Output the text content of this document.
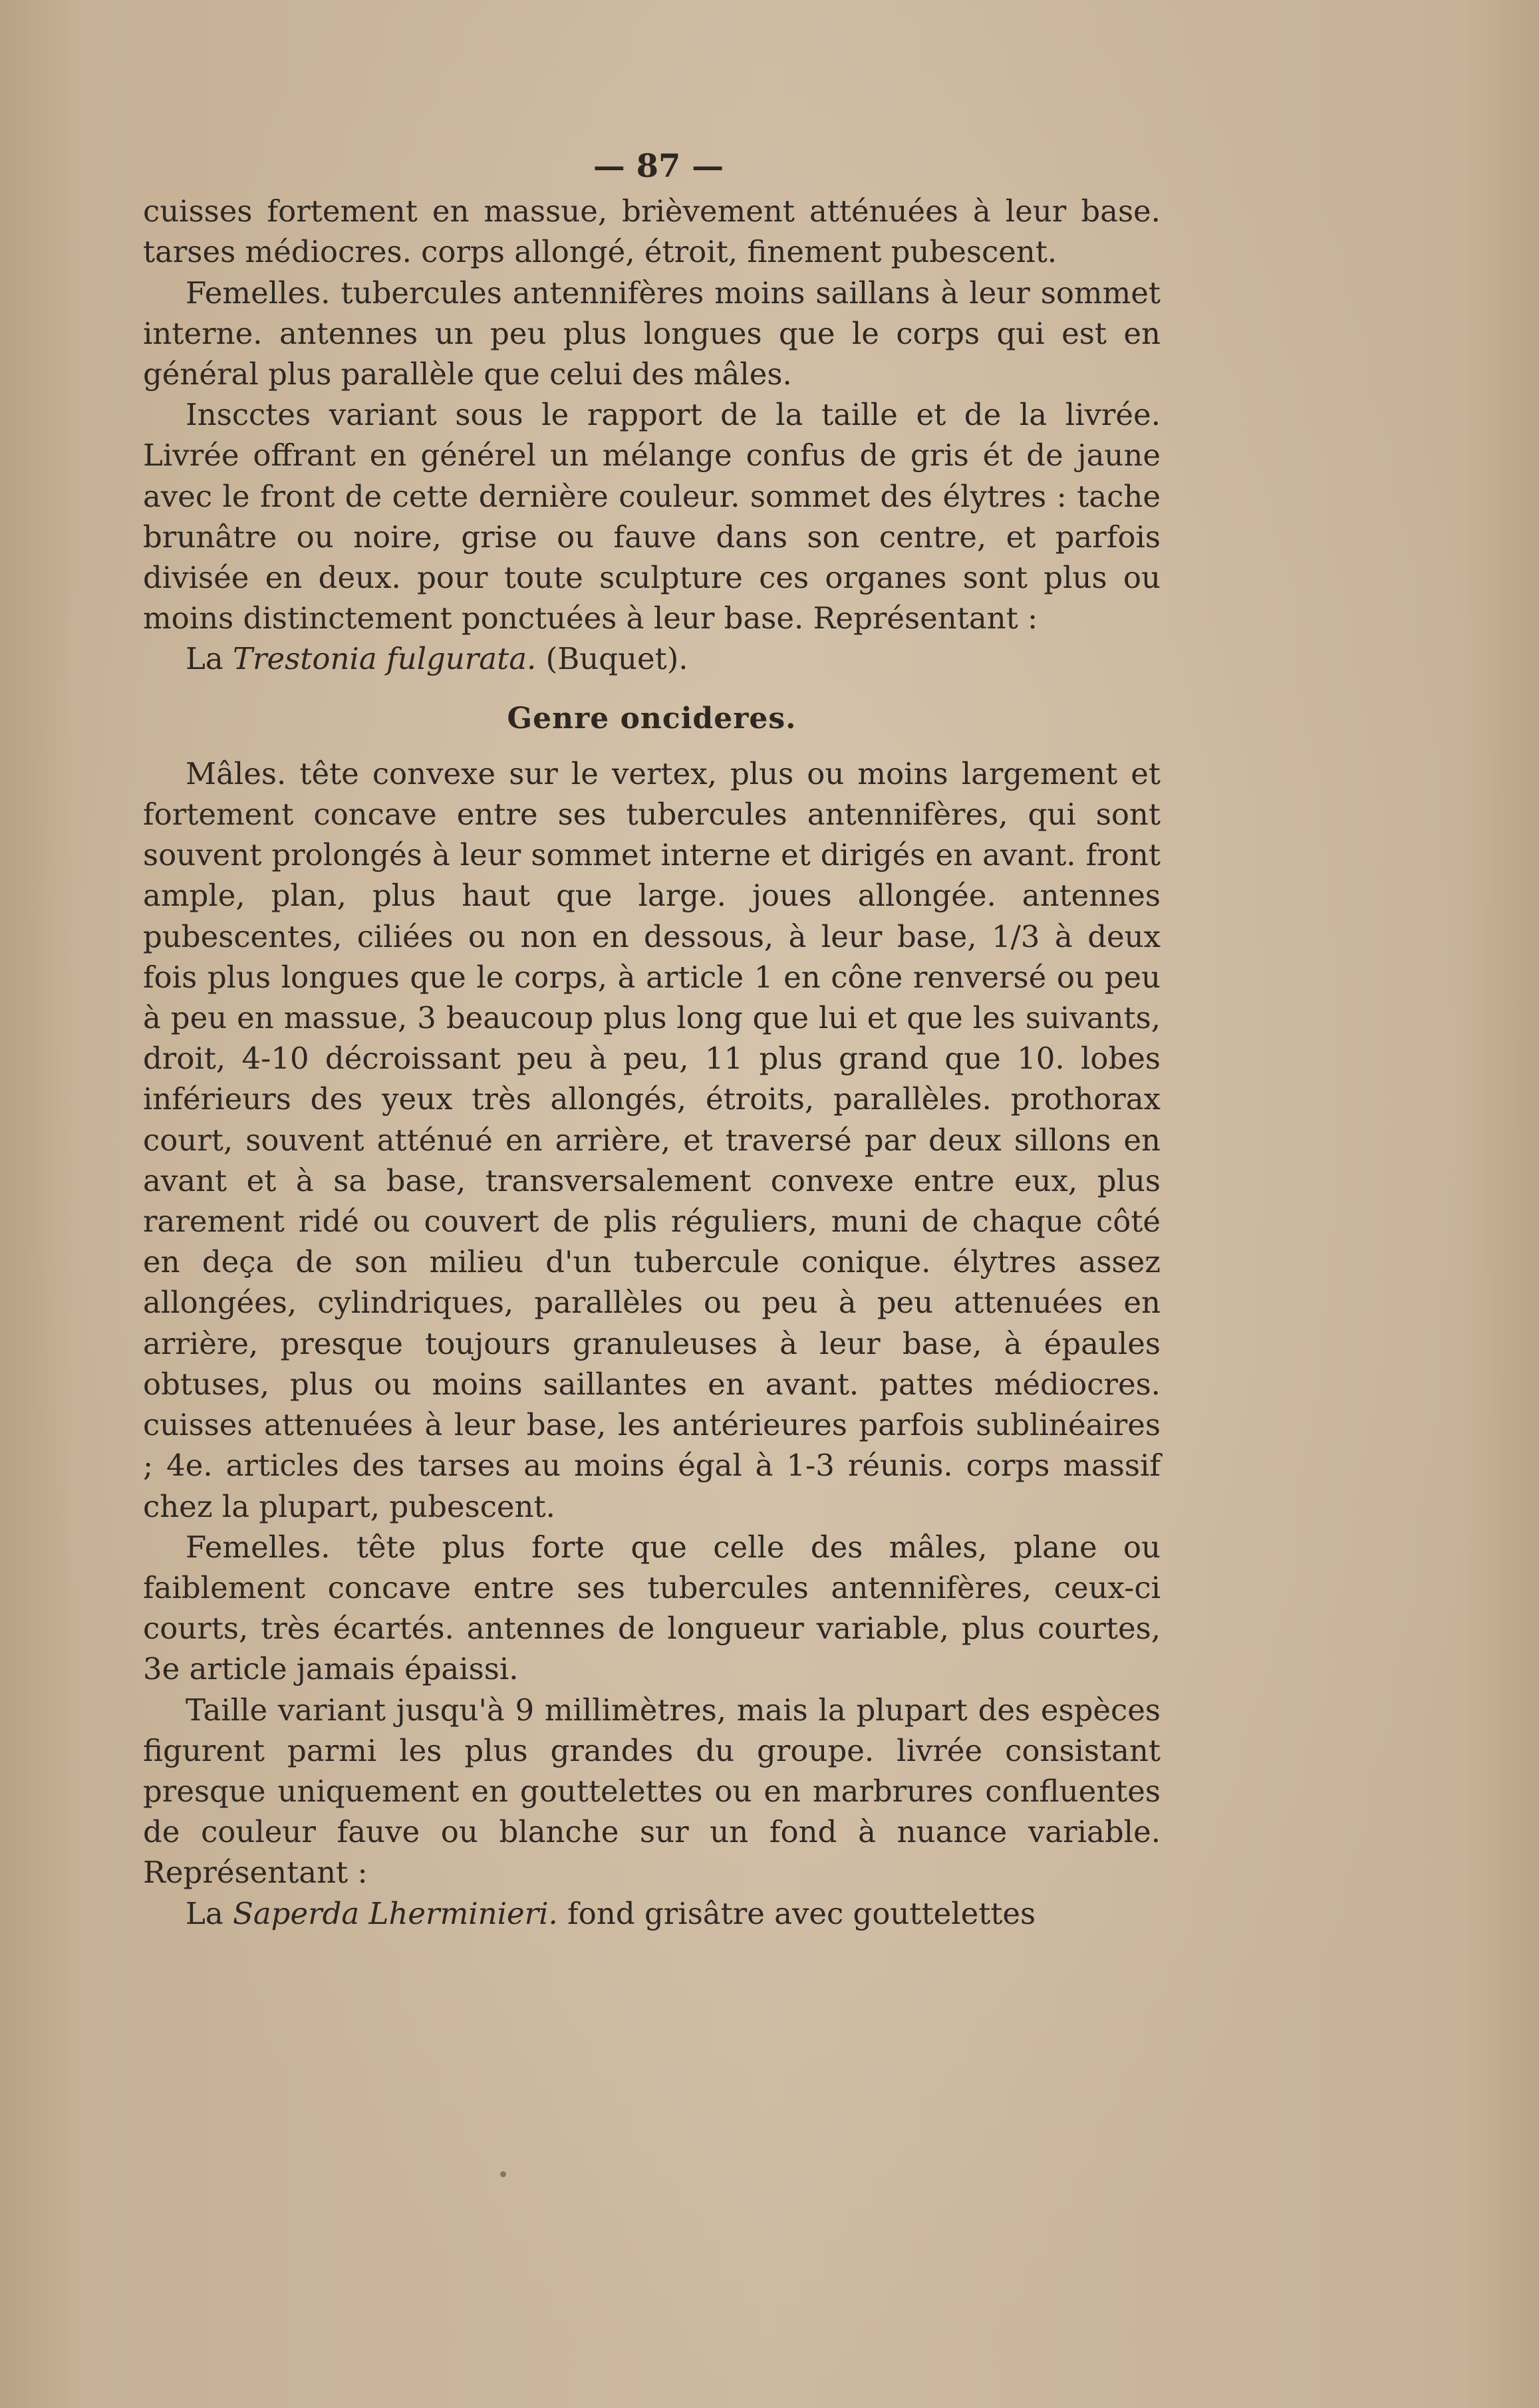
— 87 —

cuisses fortement en massue, brièvement atténuées à leur base. tarses médiocres. corps allongé, étroit, finement pubescent.

Femelles. tubercules antennifères moins saillans à leur sommet interne. antennes un peu plus longues que le corps qui est en général plus parallèle que celui des mâles.

Inscctes variant sous le rapport de la taille et de la livrée. Livrée offrant en générel un mélange confus de gris ét de jaune avec le front de cette dernière couleur. sommet des élytres : tache brunâtre ou noire, grise ou fauve dans son centre, et parfois divisée en deux. pour toute sculpture ces organes sont plus ou moins distinctement ponctuées à leur base. Représentant :

La Trestonia fulgurata. (Buquet).

Genre oncideres.

Mâles. tête convexe sur le vertex, plus ou moins largement et fortement concave entre ses tubercules antennifères, qui sont souvent prolongés à leur sommet interne et dirigés en avant. front ample, plan, plus haut que large. joues allongée. antennes pubescentes, ciliées ou non en dessous, à leur base, 1/3 à deux fois plus longues que le corps, à article 1 en cône renversé ou peu à peu en massue, 3 beaucoup plus long que lui et que les suivants, droit, 4-10 décroissant peu à peu, 11 plus grand que 10. lobes inférieurs des yeux très allongés, étroits, parallèles. prothorax court, souvent atténué en arrière, et traversé par deux sillons en avant et à sa base, transversalement convexe entre eux, plus rarement ridé ou couvert de plis réguliers, muni de chaque côté en deça de son milieu d'un tubercule conique. élytres assez allongées, cylindriques, parallèles ou peu à peu attenuées en arrière, presque toujours granuleuses à leur base, à épaules obtuses, plus ou moins saillantes en avant. pattes médiocres. cuisses attenuées à leur base, les antérieures parfois sublinéaires ; 4e. articles des tarses au moins égal à 1-3 réunis. corps massif chez la plupart, pubescent.

Femelles. tête plus forte que celle des mâles, plane ou faiblement concave entre ses tubercules antennifères, ceux-ci courts, très écartés. antennes de longueur variable, plus courtes, 3e article jamais épaissi.

Taille variant jusqu'à 9 millimètres, mais la plupart des espèces figurent parmi les plus grandes du groupe. livrée consistant presque uniquement en gouttelettes ou en marbrures confluentes de couleur fauve ou blanche sur un fond à nuance variable. Représentant :

La Saperda Lherminieri. fond grisâtre avec gouttelettes
